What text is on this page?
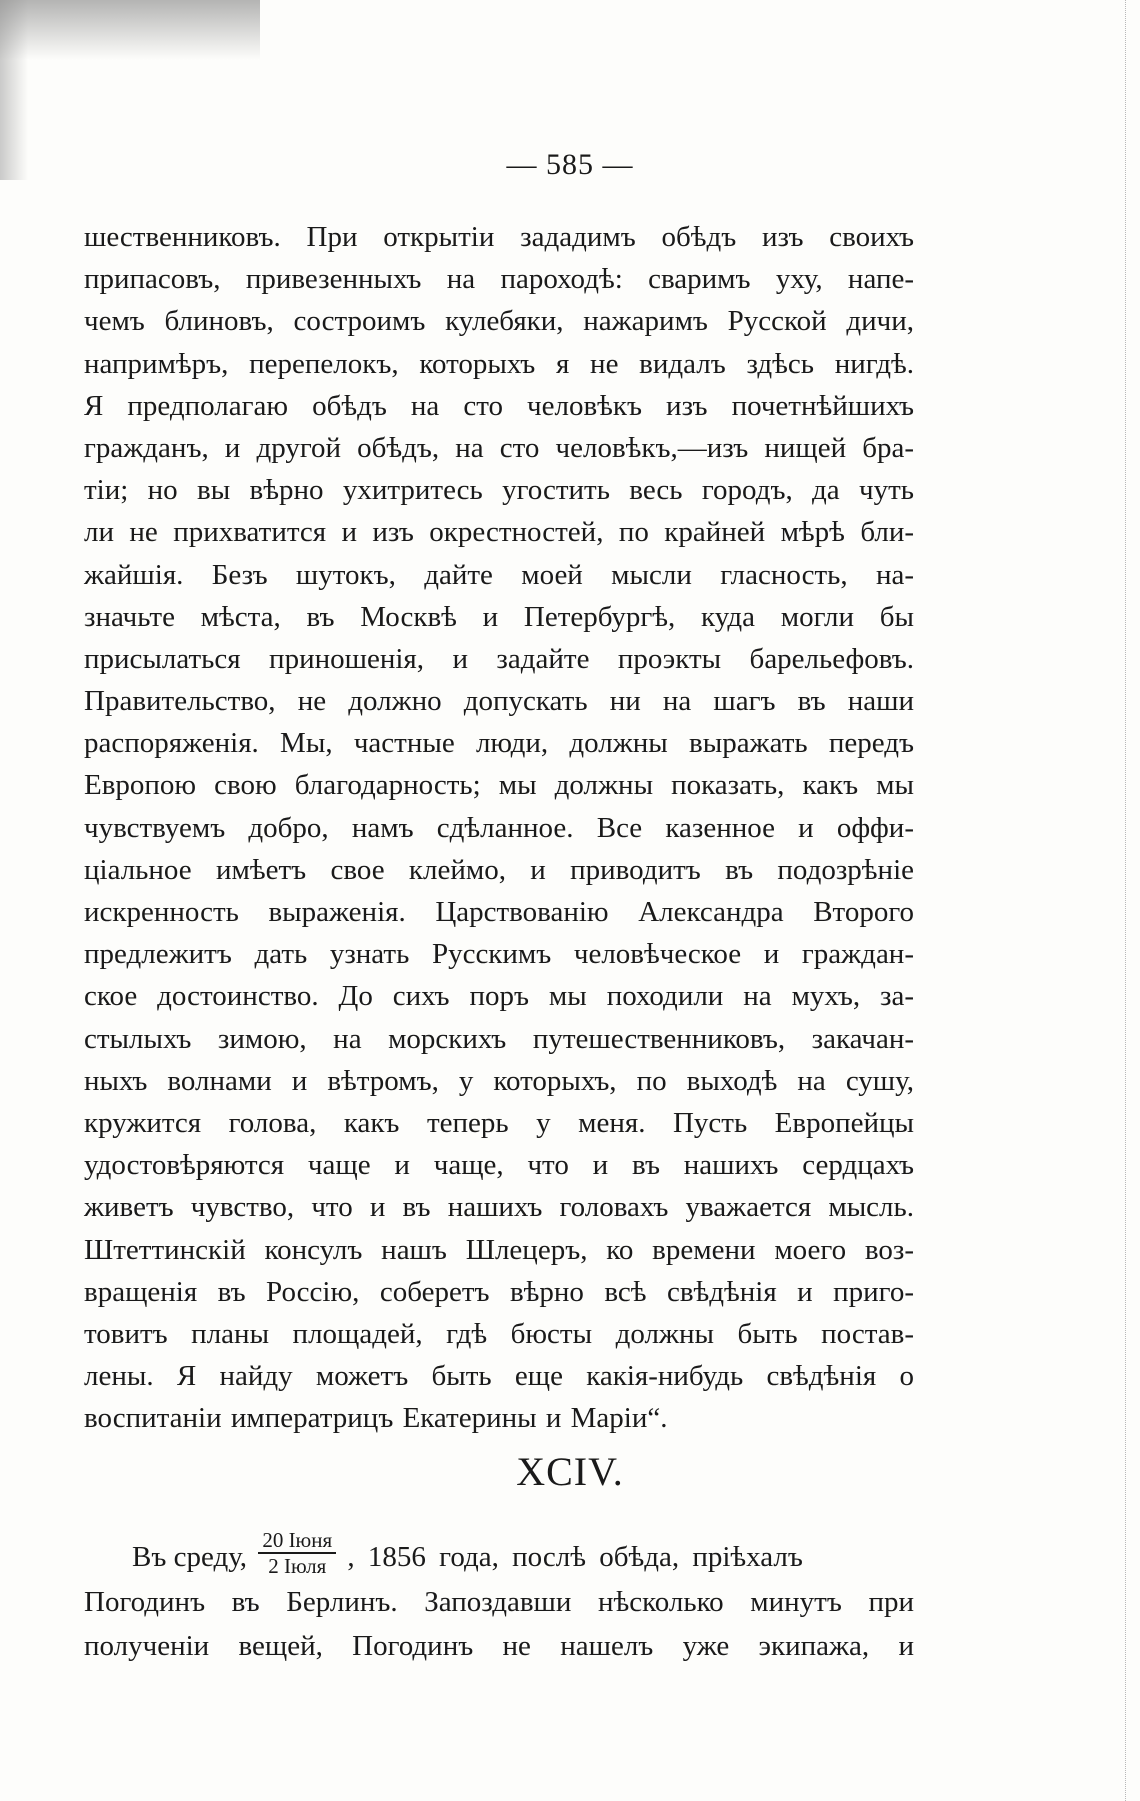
— 585 —
шественниковъ. При открытіи зададимъ обѣдъ изъ своихъ
припасовъ, привезенныхъ на пароходѣ: сваримъ уху, напе-
чемъ блиновъ, состроимъ кулебяки, нажаримъ Русской дичи,
напримѣръ, перепелокъ, которыхъ я не видалъ здѣсь нигдѣ.
Я предполагаю обѣдъ на сто человѣкъ изъ почетнѣйшихъ
гражданъ, и другой обѣдъ, на сто человѣкъ,—изъ нищей бра-
тіи; но вы вѣрно ухитритесь угостить весь городъ, да чуть
ли не прихватится и изъ окрестностей, по крайней мѣрѣ бли-
жайшія. Безъ шутокъ, дайте моей мысли гласность, на-
значьте мѣста, въ Москвѣ и Петербургѣ, куда могли бы
присылаться приношенія, и задайте проэкты барельефовъ.
Правительство, не должно допускать ни на шагъ въ наши
распоряженія. Мы, частные люди, должны выражать передъ
Европою свою благодарность; мы должны показать, какъ мы
чувствуемъ добро, намъ сдѣланное. Все казенное и оффи-
ціальное имѣетъ свое клеймо, и приводитъ въ подозрѣніе
искренность выраженія. Царствованію Александра Второго
предлежитъ дать узнать Русскимъ человѣческое и граждан-
ское достоинство. До сихъ поръ мы походили на мухъ, за-
стылыхъ зимою, на морскихъ путешественниковъ, закачан-
ныхъ волнами и вѣтромъ, у которыхъ, по выходѣ на сушу,
кружится голова, какъ теперь у меня. Пусть Европейцы
удостовѣряются чаще и чаще, что и въ нашихъ сердцахъ
живетъ чувство, что и въ нашихъ головахъ уважается мысль.
Штеттинскій консулъ нашъ Шлецеръ, ко времени моего воз-
вращенія въ Россію, соберетъ вѣрно всѣ свѣдѣнія и приго-
товитъ планы площадей, гдѣ бюсты должны быть постав-
лены. Я найду можетъ быть еще какія-нибудь свѣдѣнія о
воспитаніи императрицъ Екатерины и Маріи“.
XCIV.
Въ среду, $\frac{\text{20 Іюня}}{\text{2 Іюля}}$ , 1856 года, послѣ обѣда, пріѣхалъ
Погодинъ въ Берлинъ. Запоздавши нѣсколько минутъ при
полученіи вещей, Погодинъ не нашелъ уже экипажа, и
